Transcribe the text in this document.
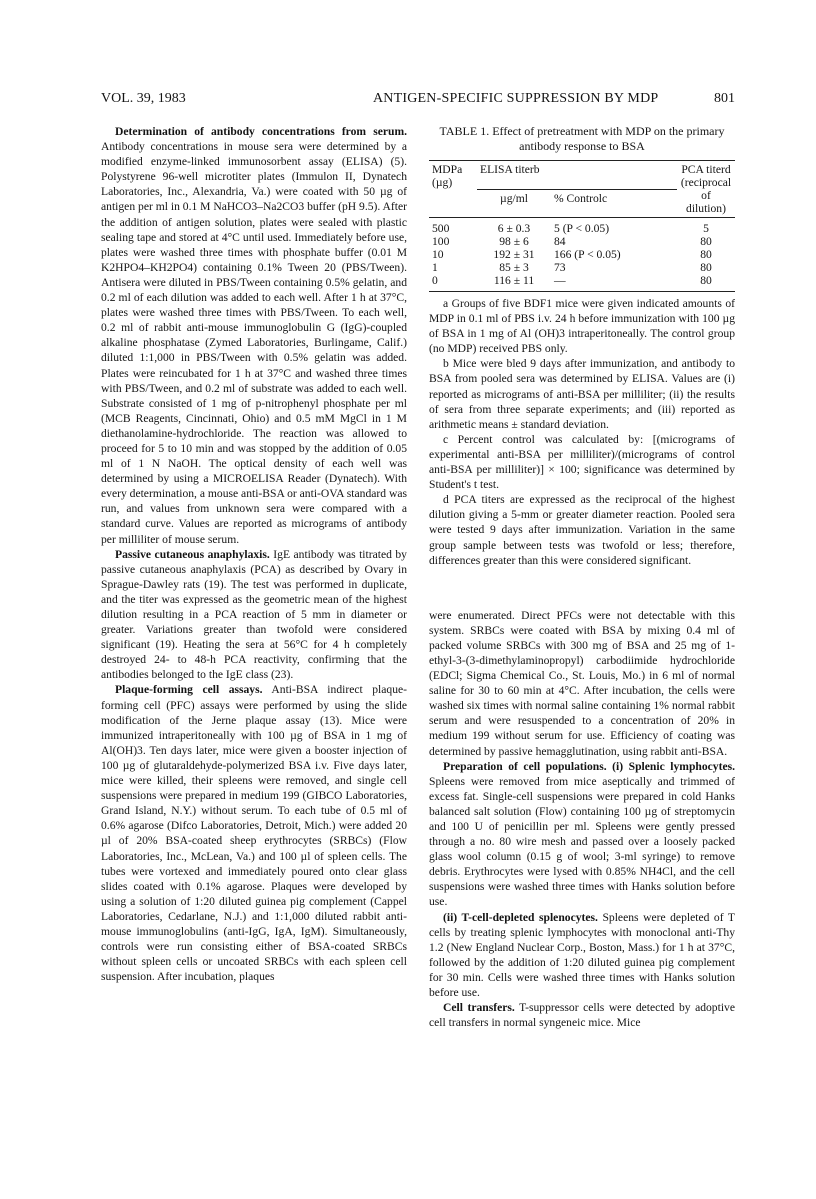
VOL. 39, 1983	ANTIGEN-SPECIFIC SUPPRESSION BY MDP	801

Determination of antibody concentrations from serum. Antibody concentrations in mouse sera were determined by a modified enzyme-linked immunosorbent assay (ELISA) (5). Polystyrene 96-well microtiter plates (Immulon II, Dynatech Laboratories, Inc., Alexandria, Va.) were coated with 50 µg of antigen per ml in 0.1 M NaHCO3–Na2CO3 buffer (pH 9.5). After the addition of antigen solution, plates were sealed with plastic sealing tape and stored at 4°C until used. Immediately before use, plates were washed three times with phosphate buffer (0.01 M K2HPO4–KH2PO4) containing 0.1% Tween 20 (PBS/Tween). Antisera were diluted in PBS/Tween containing 0.5% gelatin, and 0.2 ml of each dilution was added to each well. After 1 h at 37°C, plates were washed three times with PBS/Tween. To each well, 0.2 ml of rabbit anti-mouse immunoglobulin G (IgG)-coupled alkaline phosphatase (Zymed Laboratories, Burlingame, Calif.) diluted 1:1,000 in PBS/Tween with 0.5% gelatin was added. Plates were reincubated for 1 h at 37°C and washed three times with PBS/Tween, and 0.2 ml of substrate was added to each well. Substrate consisted of 1 mg of p-nitrophenyl phosphate per ml (MCB Reagents, Cincinnati, Ohio) and 0.5 mM MgCl in 1 M diethanolamine-hydrochloride. The reaction was allowed to proceed for 5 to 10 min and was stopped by the addition of 0.05 ml of 1 N NaOH. The optical density of each well was determined by using a MICROELISA Reader (Dynatech). With every determination, a mouse anti-BSA or anti-OVA standard was run, and values from unknown sera were compared with a standard curve. Values are reported as micrograms of antibody per milliliter of mouse serum.

Passive cutaneous anaphylaxis. IgE antibody was titrated by passive cutaneous anaphylaxis (PCA) as described by Ovary in Sprague-Dawley rats (19). The test was performed in duplicate, and the titer was expressed as the geometric mean of the highest dilution resulting in a PCA reaction of 5 mm in diameter or greater. Variations greater than twofold were considered significant (19). Heating the sera at 56°C for 4 h completely destroyed 24- to 48-h PCA reactivity, confirming that the antibodies belonged to the IgE class (23).

Plaque-forming cell assays. Anti-BSA indirect plaque-forming cell (PFC) assays were performed by using the slide modification of the Jerne plaque assay (13). Mice were immunized intraperitoneally with 100 µg of BSA in 1 mg of Al(OH)3. Ten days later, mice were given a booster injection of 100 µg of glutaraldehyde-polymerized BSA i.v. Five days later, mice were killed, their spleens were removed, and single cell suspensions were prepared in medium 199 (GIBCO Laboratories, Grand Island, N.Y.) without serum. To each tube of 0.5 ml of 0.6% agarose (Difco Laboratories, Detroit, Mich.) were added 20 µl of 20% BSA-coated sheep erythrocytes (SRBCs) (Flow Laboratories, Inc., McLean, Va.) and 100 µl of spleen cells. The tubes were vortexed and immediately poured onto clear glass slides coated with 0.1% agarose. Plaques were developed by using a solution of 1:20 diluted guinea pig complement (Cappel Laboratories, Cedarlane, N.J.) and 1:1,000 diluted rabbit anti-mouse immunoglobulins (anti-IgG, IgA, IgM). Simultaneously, controls were run consisting either of BSA-coated SRBCs without spleen cells or uncoated SRBCs with each spleen cell suspension. After incubation, plaques

TABLE 1. Effect of pretreatment with MDP on the primary antibody response to BSA
MDPa (µg)	ELISA titerb		PCA titerd (reciprocal of dilution)
	µg/ml	% Controlc	
500	6 ± 0.3	5 (P < 0.05)	5
100	98 ± 6	84	80
10	192 ± 31	166 (P < 0.05)	80
1	85 ± 3	73	80
0	116 ± 11	—	80

a Groups of five BDF1 mice were given indicated amounts of MDP in 0.1 ml of PBS i.v. 24 h before immunization with 100 µg of BSA in 1 mg of Al (OH)3 intraperitoneally. The control group (no MDP) received PBS only.

b Mice were bled 9 days after immunization, and antibody to BSA from pooled sera was determined by ELISA. Values are (i) reported as micrograms of anti-BSA per milliliter; (ii) the results of sera from three separate experiments; and (iii) reported as arithmetic means ± standard deviation.

c Percent control was calculated by: [(micrograms of experimental anti-BSA per milliliter)/(micrograms of control anti-BSA per milliliter)] × 100; significance was determined by Student's t test.

d PCA titers are expressed as the reciprocal of the highest dilution giving a 5-mm or greater diameter reaction. Pooled sera were tested 9 days after immunization. Variation in the same group sample between tests was twofold or less; therefore, differences greater than this were considered significant.

were enumerated. Direct PFCs were not detectable with this system. SRBCs were coated with BSA by mixing 0.4 ml of packed volume SRBCs with 300 mg of BSA and 25 mg of 1-ethyl-3-(3-dimethylaminopropyl) carbodiimide hydrochloride (EDCl; Sigma Chemical Co., St. Louis, Mo.) in 6 ml of normal saline for 30 to 60 min at 4°C. After incubation, the cells were washed six times with normal saline containing 1% normal rabbit serum and were resuspended to a concentration of 20% in medium 199 without serum for use. Efficiency of coating was determined by passive hemagglutination, using rabbit anti-BSA.

Preparation of cell populations. (i) Splenic lymphocytes. Spleens were removed from mice aseptically and trimmed of excess fat. Single-cell suspensions were prepared in cold Hanks balanced salt solution (Flow) containing 100 µg of streptomycin and 100 U of penicillin per ml. Spleens were gently pressed through a no. 80 wire mesh and passed over a loosely packed glass wool column (0.15 g of wool; 3-ml syringe) to remove debris. Erythrocytes were lysed with 0.85% NH4Cl, and the cell suspensions were washed three times with Hanks solution before use.

(ii) T-cell-depleted splenocytes. Spleens were depleted of T cells by treating splenic lymphocytes with monoclonal anti-Thy 1.2 (New England Nuclear Corp., Boston, Mass.) for 1 h at 37°C, followed by the addition of 1:20 diluted guinea pig complement for 30 min. Cells were washed three times with Hanks solution before use.

Cell transfers. T-suppressor cells were detected by adoptive cell transfers in normal syngeneic mice. Mice
